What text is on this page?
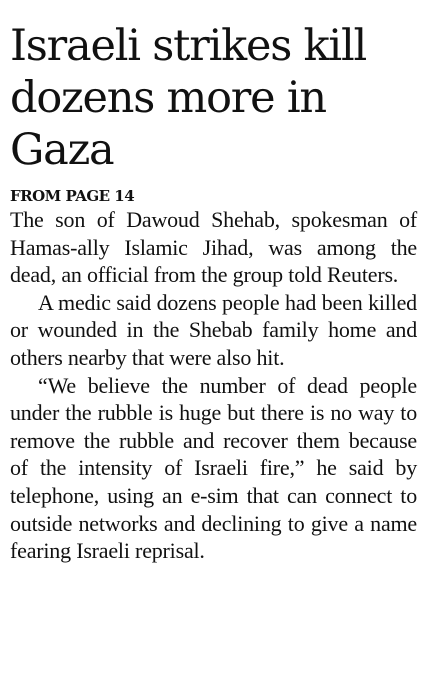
Israeli strikes kill dozens more in Gaza
FROM PAGE 14

The son of Dawoud Shehab, spokesman of Hamas-ally Islamic Jihad, was among the dead, an official from the group told Reuters.

A medic said dozens people had been killed or wounded in the Shebab family home and others nearby that were also hit.

“We believe the number of dead people under the rubble is huge but there is no way to remove the rubble and recover them because of the intensity of Israeli fire,” he said by telephone, using an e-sim that can connect to outside networks and declining to give a name fearing Israeli reprisal.
